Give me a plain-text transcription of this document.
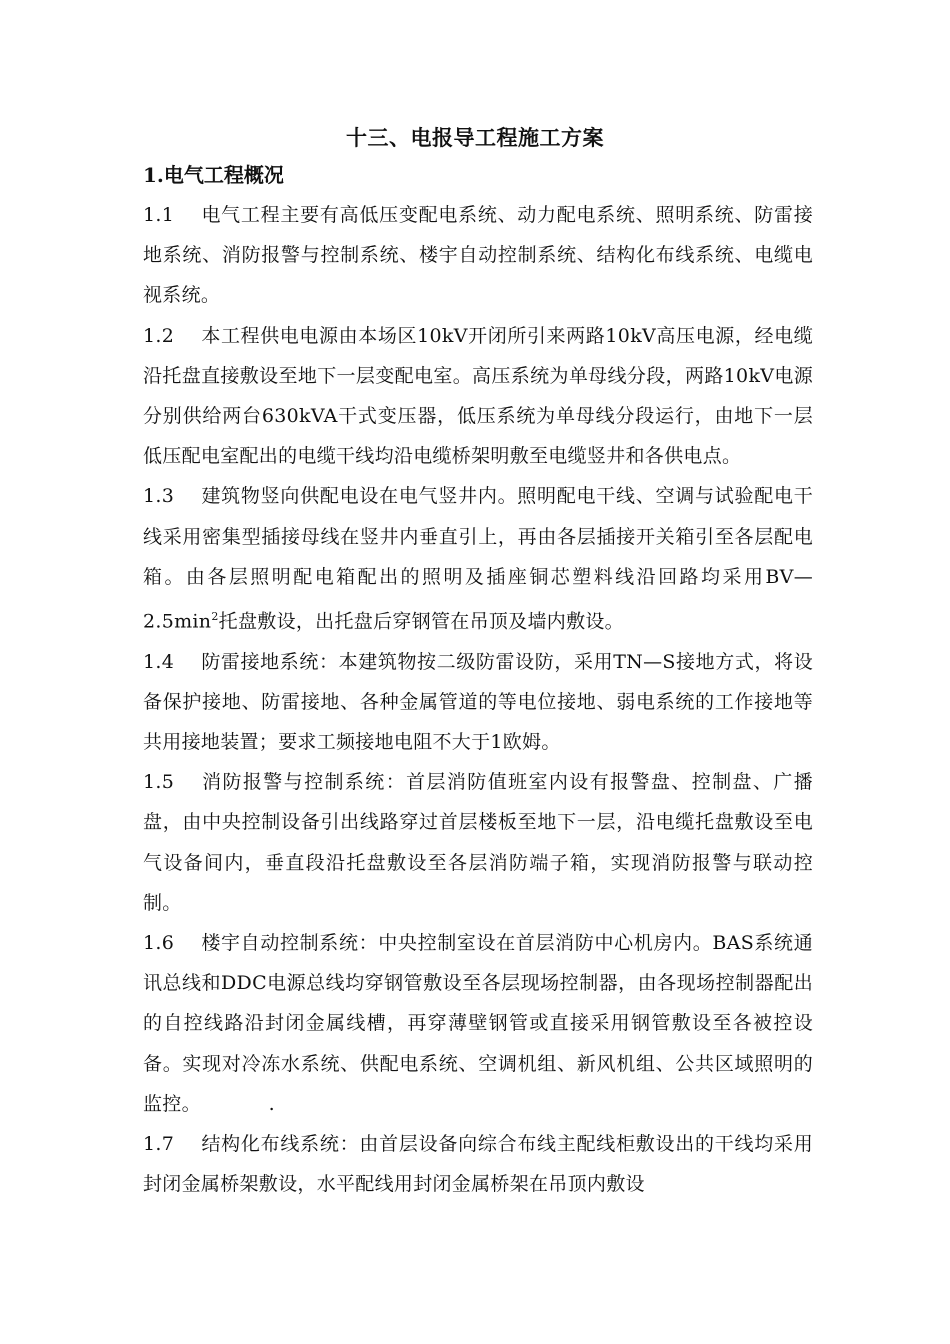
十三、电报导工程施工方案
1.电气工程概况

1.1 电气工程主要有高低压变配电系统、动力配电系统、照明系统、防雷接地系统、消防报警与控制系统、楼宇自动控制系统、结构化布线系统、电缆电视系统。

1.2 本工程供电电源由本场区10kV开闭所引来两路10kV高压电源，经电缆沿托盘直接敷设至地下一层变配电室。高压系统为单母线分段，两路10kV电源分别供给两台630kVA干式变压器，低压系统为单母线分段运行，由地下一层低压配电室配出的电缆干线均沿电缆桥架明敷至电缆竖井和各供电点。

1.3 建筑物竖向供配电设在电气竖井内。照明配电干线、空调与试验配电干线采用密集型插接母线在竖井内垂直引上，再由各层插接开关箱引至各层配电箱。由各层照明配电箱配出的照明及插座铜芯塑料线沿回路均采用$BV—2.5\min^2$托盘敷设，出托盘后穿钢管在吊顶及墙内敷设。

1.4 防雷接地系统：本建筑物按二级防雷设防，采用TN—S接地方式，将设备保护接地、防雷接地、各种金属管道的等电位接地、弱电系统的工作接地等共用接地装置；要求工频接地电阻不大于1欧姆。

1.5 消防报警与控制系统：首层消防值班室内设有报警盘、控制盘、广播盘，由中央控制设备引出线路穿过首层楼板至地下一层，沿电缆托盘敷设至电气设备间内，垂直段沿托盘敷设至各层消防端子箱，实现消防报警与联动控制。

1.6 楼宇自动控制系统：中央控制室设在首层消防中心机房内。BAS系统通讯总线和DDC电源总线均穿钢管敷设至各层现场控制器，由各现场控制器配出的自控线路沿封闭金属线槽，再穿薄壁钢管或直接采用钢管敷设至各被控设备。实现对冷冻水系统、供配电系统、空调机组、新风机组、公共区域照明的监控。　　　　.

1.7 结构化布线系统：由首层设备向综合布线主配线柜敷设出的干线均采用封闭金属桥架敷设，水平配线用封闭金属桥架在吊顶内敷设
